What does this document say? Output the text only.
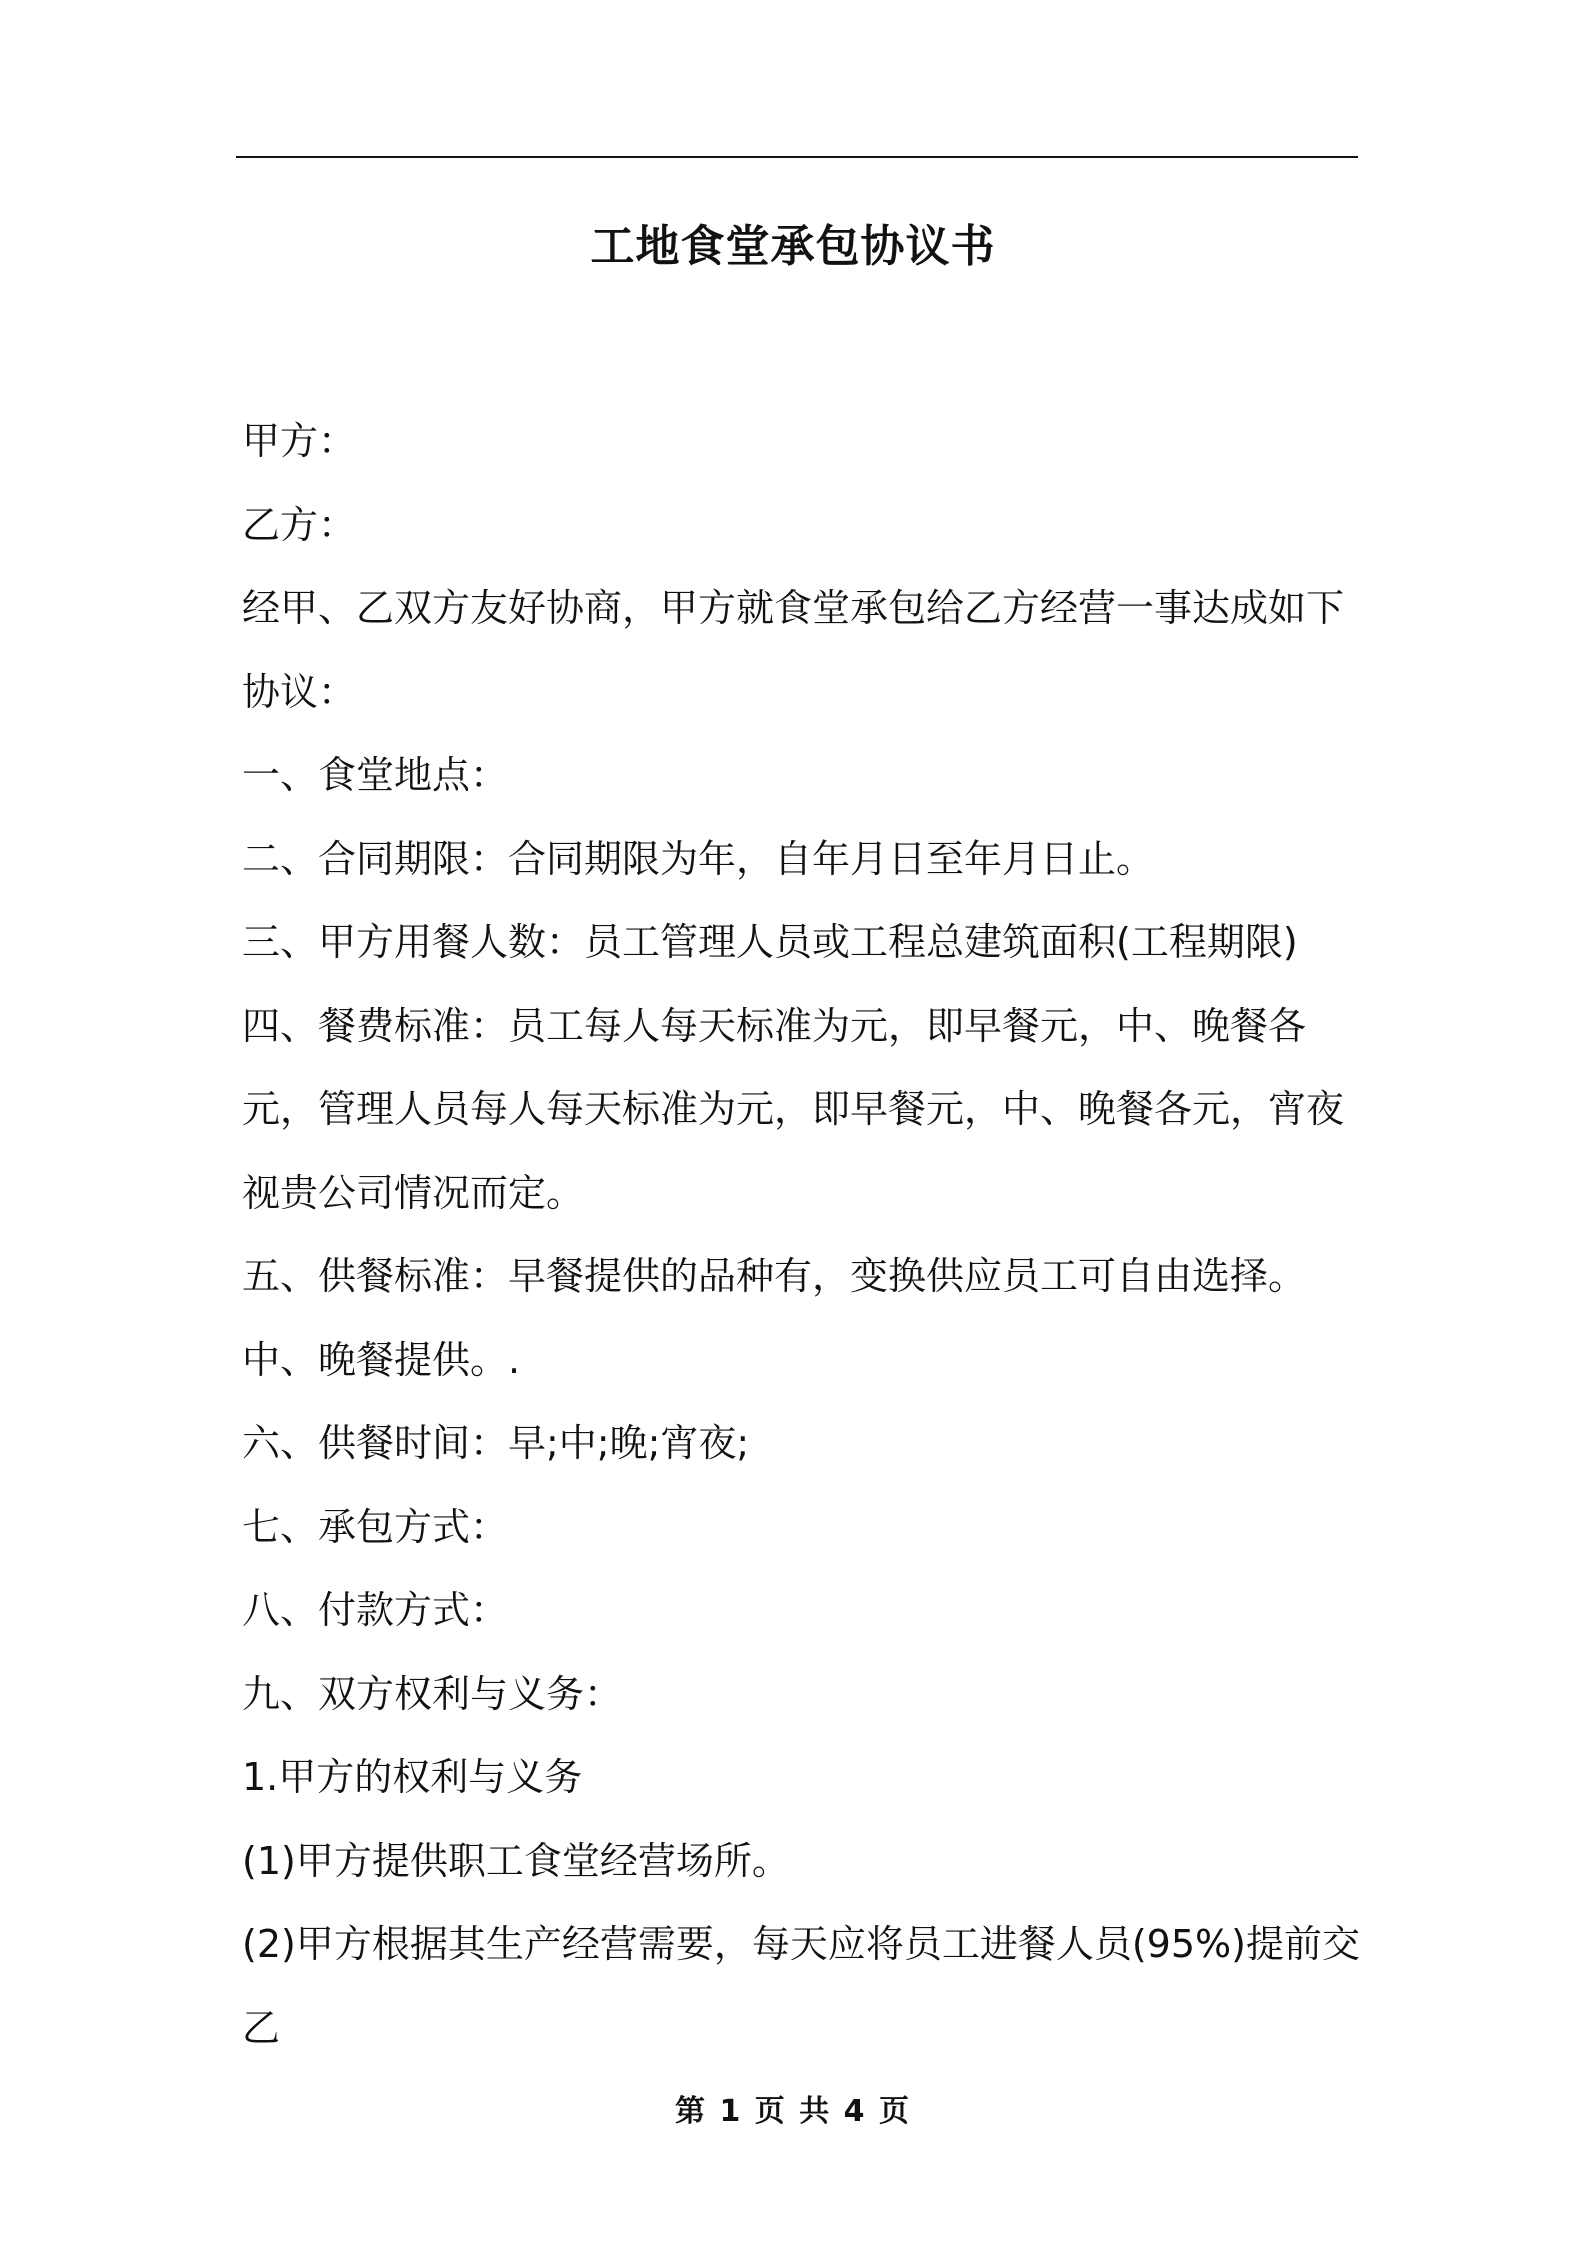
工地食堂承包协议书

甲方：

乙方：

经甲、乙双方友好协商，甲方就食堂承包给乙方经营一事达成如下协议：

一、食堂地点：

二、合同期限：合同期限为年，自年月日至年月日止。

三、甲方用餐人数：员工管理人员或工程总建筑面积(工程期限)

四、餐费标准：员工每人每天标准为元，即早餐元，中、晚餐各元，管理人员每人每天标准为元，即早餐元，中、晚餐各元，宵夜视贵公司情况而定。

五、供餐标准：早餐提供的品种有，变换供应员工可自由选择。中、晚餐提供。.

六、供餐时间：早;中;晚;宵夜;

七、承包方式：

八、付款方式：

九、双方权利与义务：

1.甲方的权利与义务

(1)甲方提供职工食堂经营场所。

(2)甲方根据其生产经营需要，每天应将员工进餐人员(95%)提前交乙

第 1 页 共 4 页
